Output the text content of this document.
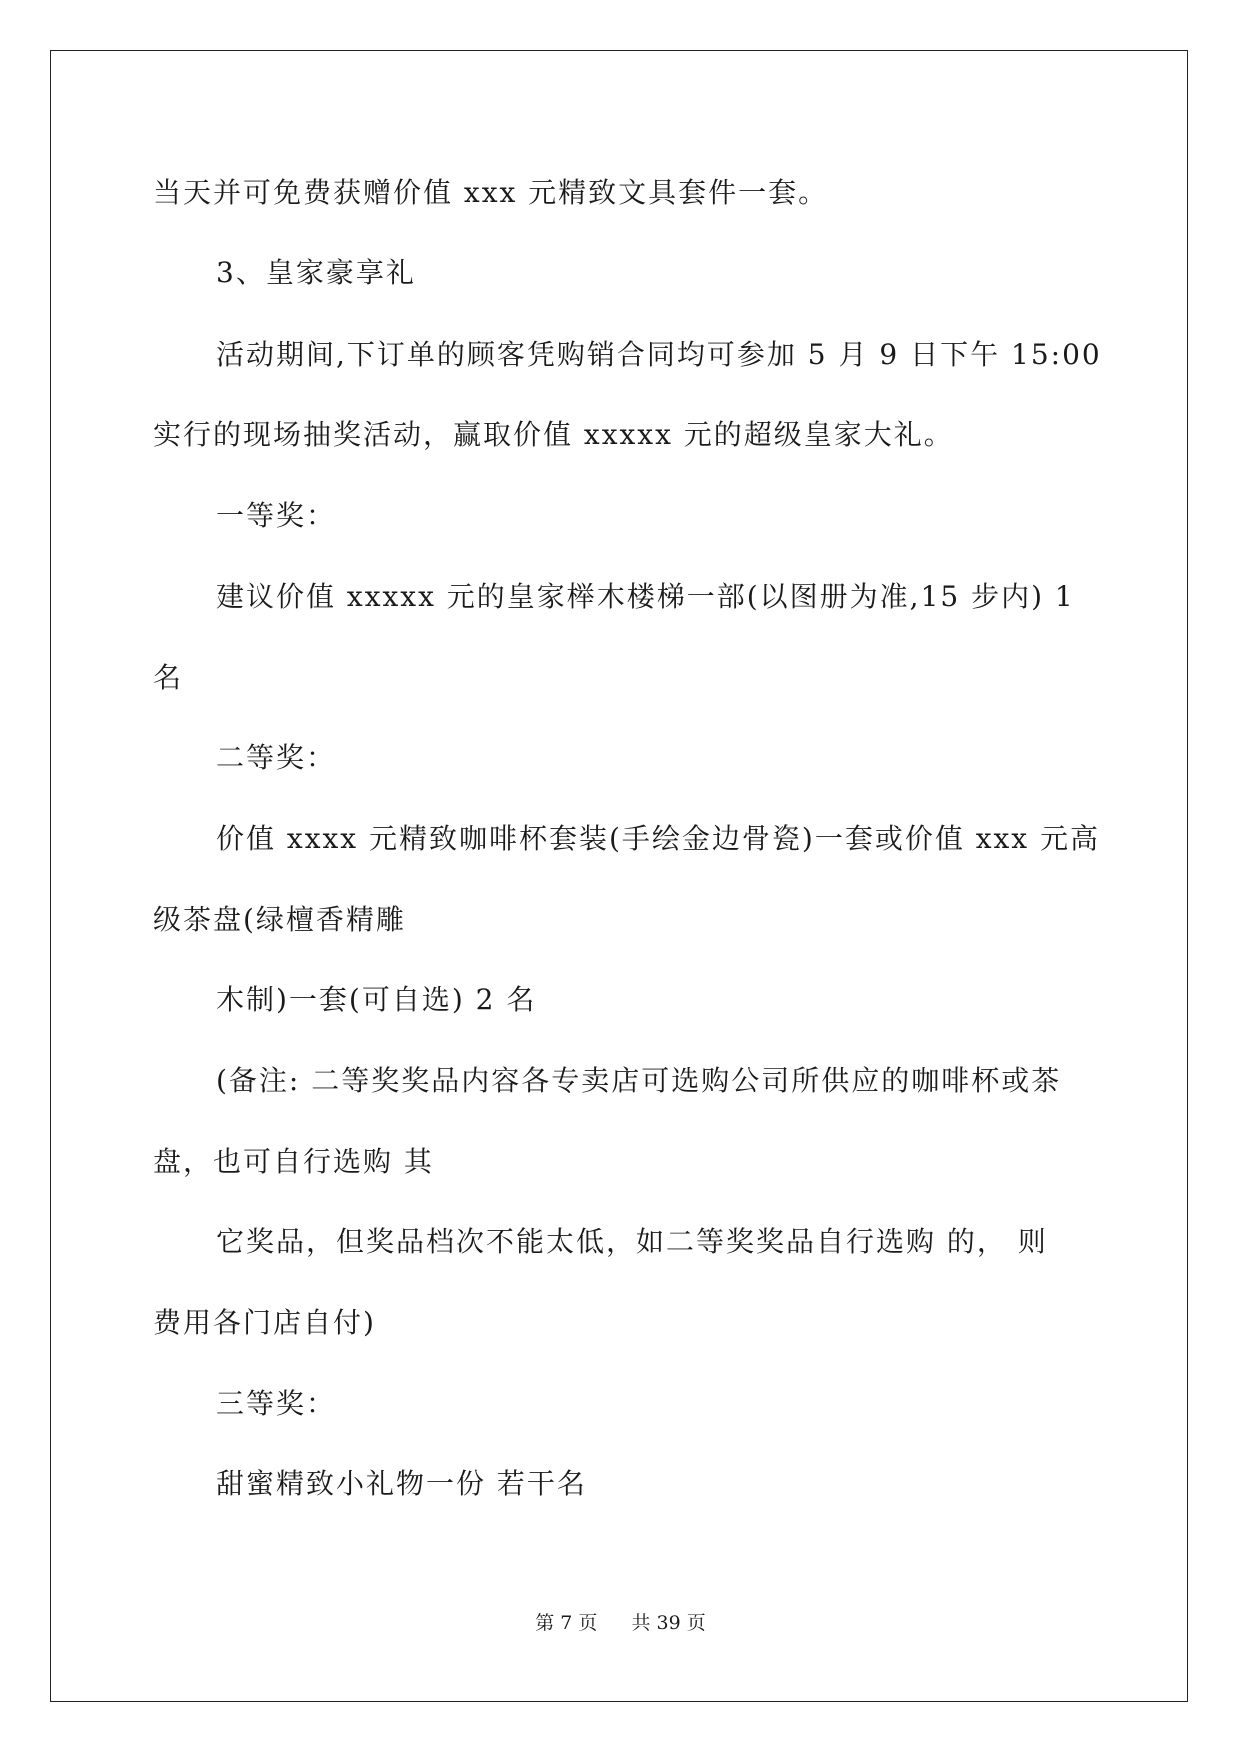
当天并可免费获赠价值 xxx 元精致文具套件一套。
3、皇家豪享礼
活动期间,下订单的顾客凭购销合同均可参加 5 月 9 日下午 15:00
实行的现场抽奖活动，赢取价值 xxxxx 元的超级皇家大礼。
一等奖：
建议价值 xxxxx 元的皇家榉木楼梯一部(以图册为准,15 步内) 1
名
二等奖：
价值 xxxx 元精致咖啡杯套装(手绘金边骨瓷)一套或价值 xxx 元高
级茶盘(绿檀香精雕
木制)一套(可自选) 2 名
(备注: 二等奖奖品内容各专卖店可选购公司所供应的咖啡杯或茶
盘，也可自行选购 其
它奖品，但奖品档次不能太低，如二等奖奖品自行选购 的， 则
费用各门店自付)
三等奖：
甜蜜精致小礼物一份 若干名
第 7 页 共 39 页
